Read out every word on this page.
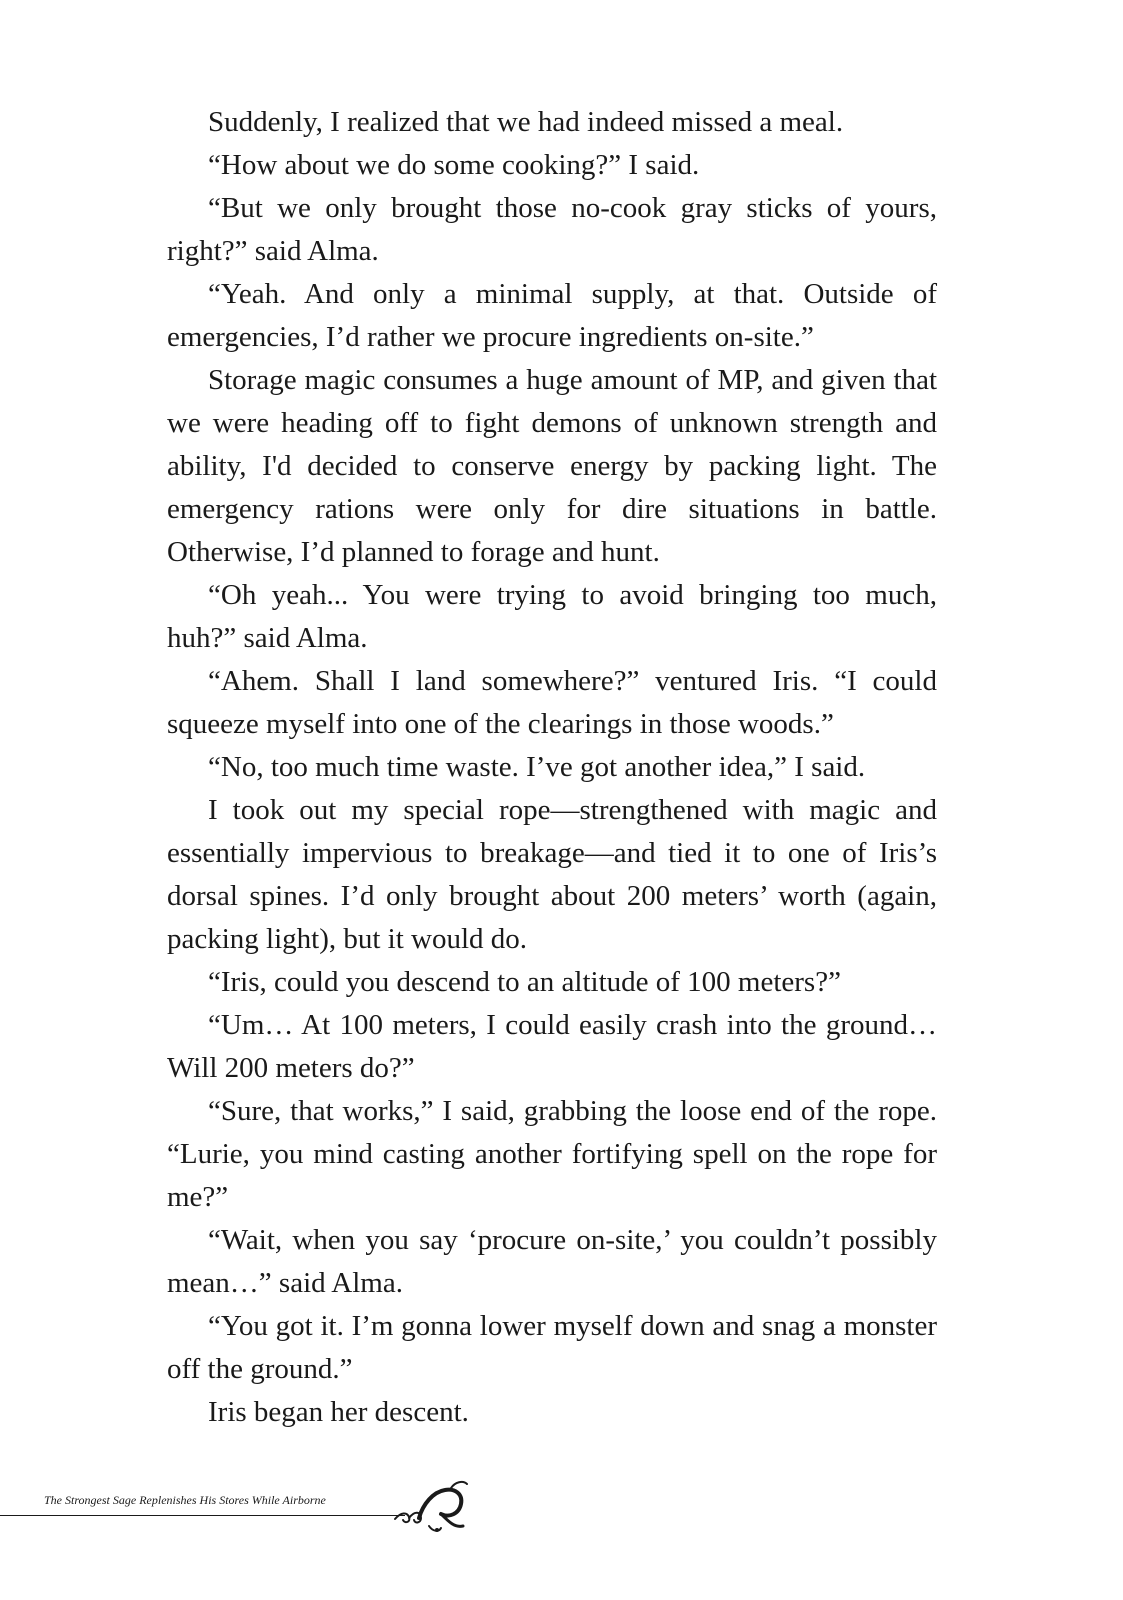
Suddenly, I realized that we had indeed missed a meal.

“How about we do some cooking?” I said.

“But we only brought those no-cook gray sticks of yours, right?” said Alma.

“Yeah. And only a minimal supply, at that. Outside of emergencies, I’d rather we procure ingredients on-site.”

Storage magic consumes a huge amount of MP, and given that we were heading off to fight demons of unknown strength and ability, I'd decided to conserve energy by packing light. The emergency rations were only for dire situations in battle. Otherwise, I’d planned to forage and hunt.

“Oh yeah... You were trying to avoid bringing too much, huh?” said Alma.

“Ahem. Shall I land somewhere?” ventured Iris. “I could squeeze myself into one of the clearings in those woods.”

“No, too much time waste. I’ve got another idea,” I said.

I took out my special rope—strengthened with magic and essentially impervious to breakage—and tied it to one of Iris’s dorsal spines. I’d only brought about 200 meters’ worth (again, packing light), but it would do.

“Iris, could you descend to an altitude of 100 meters?”

“Um… At 100 meters, I could easily crash into the ground… Will 200 meters do?”

“Sure, that works,” I said, grabbing the loose end of the rope. “Lurie, you mind casting another fortifying spell on the rope for me?”

“Wait, when you say ‘procure on-site,’ you couldn’t possibly mean…” said Alma.

“You got it. I’m gonna lower myself down and snag a monster off the ground.”

Iris began her descent.

The Strongest Sage Replenishes His Stores While Airborne
